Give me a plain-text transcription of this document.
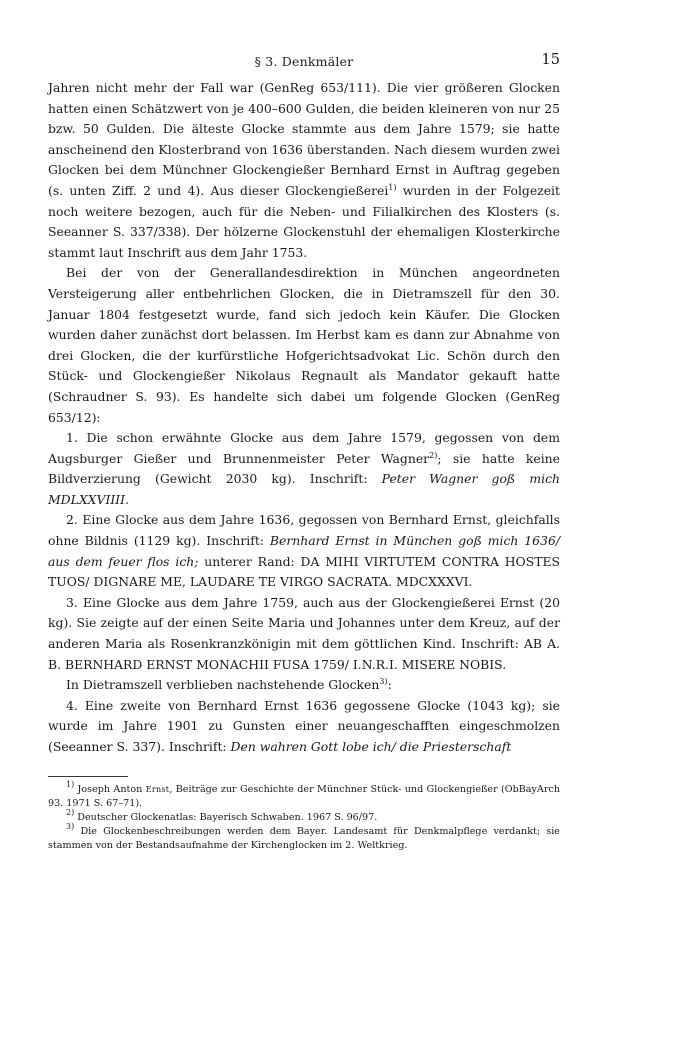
§ 3. Denkmäler	15

Jahren nicht mehr der Fall war (GenReg 653/111). Die vier größeren Glocken hatten einen Schätzwert von je 400–600 Gulden, die beiden kleineren von nur 25 bzw. 50 Gulden. Die älteste Glocke stammte aus dem Jahre 1579; sie hatte anscheinend den Klosterbrand von 1636 überstanden. Nach diesem wurden zwei Glocken bei dem Münchner Glockengießer Bernhard Ernst in Auftrag gegeben (s. unten Ziff. 2 und 4). Aus dieser Glockengießerei$^{1)}$ wurden in der Folgezeit noch weitere bezogen, auch für die Neben- und Filialkirchen des Klosters (s. Seeanner S. 337/338). Der hölzerne Glockenstuhl der ehemaligen Klosterkirche stammt laut Inschrift aus dem Jahr 1753.

Bei der von der Generallandesdirektion in München angeordneten Versteigerung aller entbehrlichen Glocken, die in Dietramszell für den 30. Januar 1804 festgesetzt wurde, fand sich jedoch kein Käufer. Die Glocken wurden daher zunächst dort belassen. Im Herbst kam es dann zur Abnahme von drei Glocken, die der kurfürstliche Hofgerichtsadvokat Lic. Schön durch den Stück- und Glockengießer Nikolaus Regnault als Mandator gekauft hatte (Schraudner S. 93). Es handelte sich dabei um folgende Glocken (GenReg 653/12):

1. Die schon erwähnte Glocke aus dem Jahre 1579, gegossen von dem Augsburger Gießer und Brunnenmeister Peter Wagner$^{2)}$; sie hatte keine Bildverzierung (Gewicht 2030 kg). Inschrift: Peter Wagner goß mich MDLXXVIIII.

2. Eine Glocke aus dem Jahre 1636, gegossen von Bernhard Ernst, gleichfalls ohne Bildnis (1129 kg). Inschrift: Bernhard Ernst in München goß mich 1636/ aus dem feuer flos ich; unterer Rand: DA MIHI VIRTUTEM CONTRA HOSTES TUOS/ DIGNARE ME, LAUDARE TE VIRGO SACRATA. MDCXXXVI.

3. Eine Glocke aus dem Jahre 1759, auch aus der Glockengießerei Ernst (20 kg). Sie zeigte auf der einen Seite Maria und Johannes unter dem Kreuz, auf der anderen Maria als Rosenkranzkönigin mit dem göttlichen Kind. Inschrift: AB A. B. BERNHARD ERNST MONACHII FUSA 1759/ I.N.R.I. MISERE NOBIS.

In Dietramszell verblieben nachstehende Glocken$^{3)}$:

4. Eine zweite von Bernhard Ernst 1636 gegossene Glocke (1043 kg); sie wurde im Jahre 1901 zu Gunsten einer neuangeschafften eingeschmolzen (Seeanner S. 337). Inschrift: Den wahren Gott lobe ich/ die Priesterschaft

$^{1)}$ Joseph Anton Ernst, Beiträge zur Geschichte der Münchner Stück- und Glockengießer (ObBayArch 93. 1971 S. 67–71).

$^{2)}$ Deutscher Glockenatlas: Bayerisch Schwaben. 1967 S. 96/97.

$^{3)}$ Die Glockenbeschreibungen werden dem Bayer. Landesamt für Denkmalpflege verdankt; sie stammen von der Bestandsaufnahme der Kirchenglocken im 2. Weltkrieg.
